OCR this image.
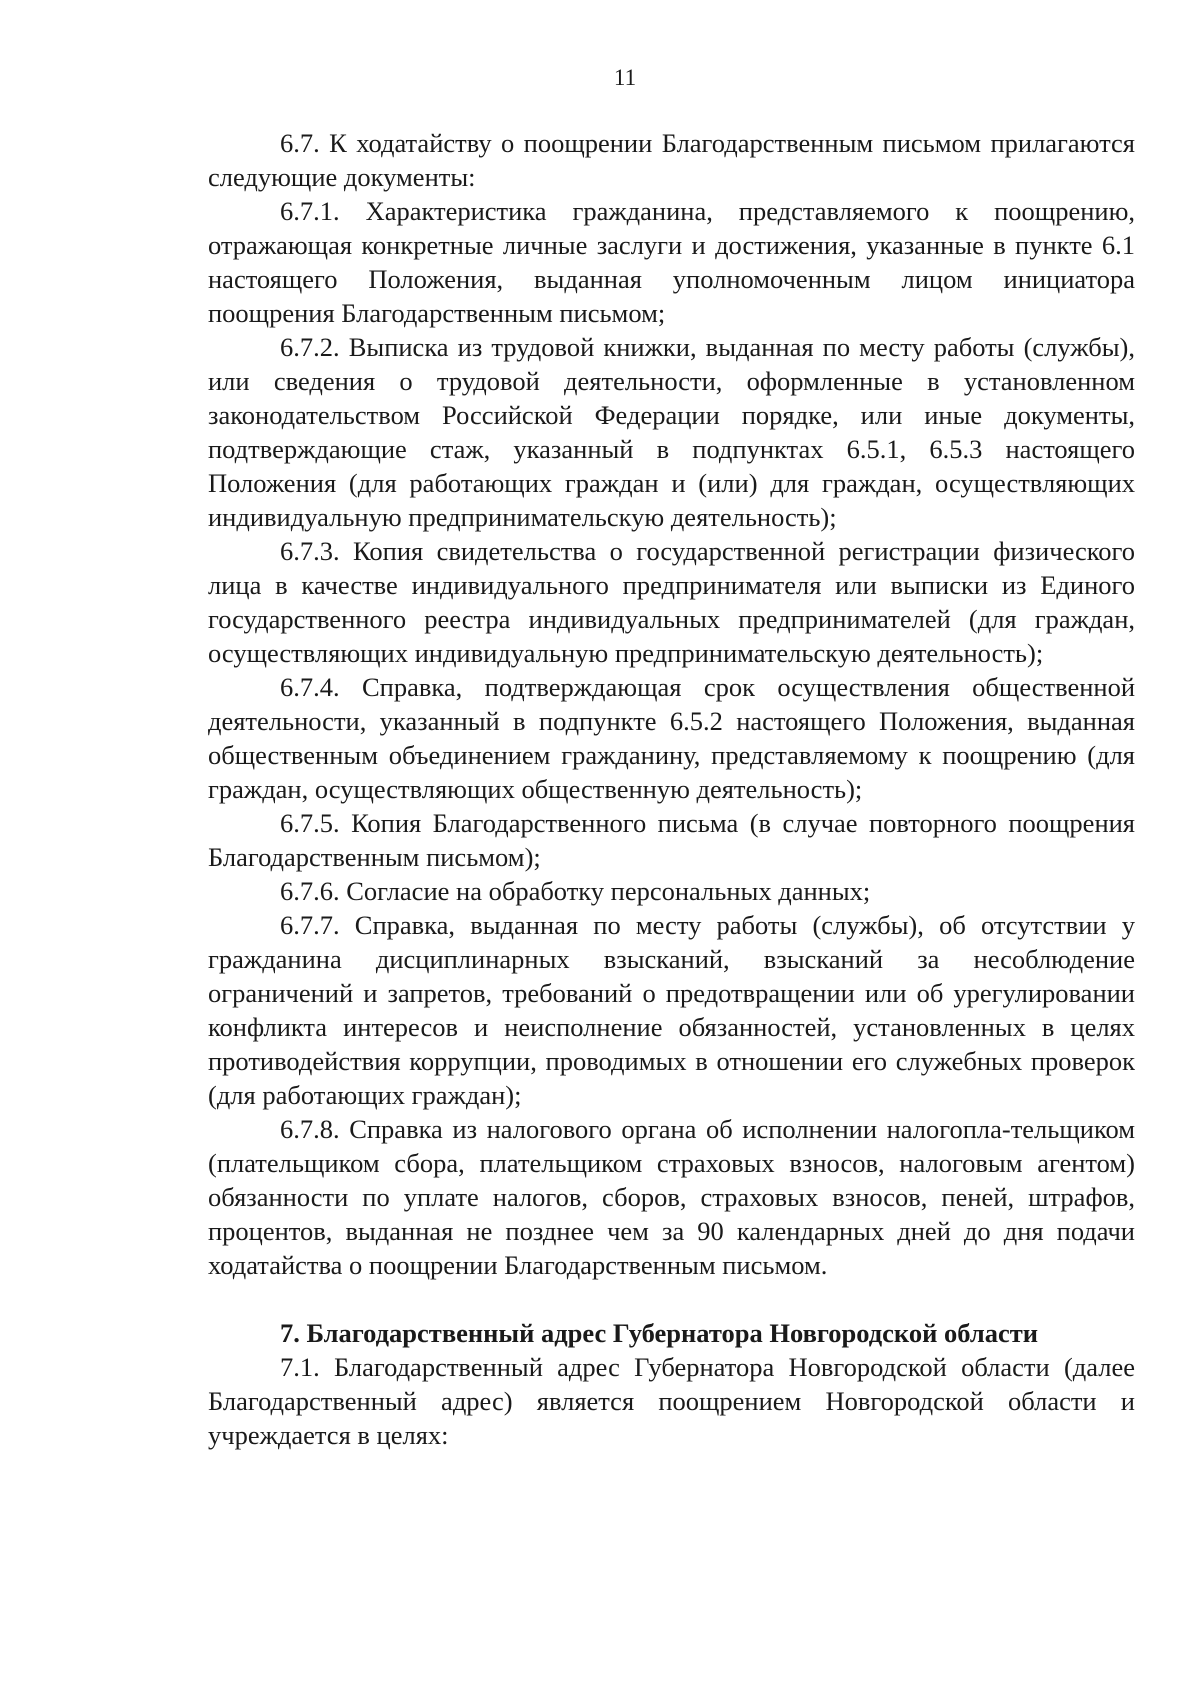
11

6.7. К ходатайству о поощрении Благодарственным письмом прилагаются следующие документы:

6.7.1. Характеристика гражданина, представляемого к поощрению, отражающая конкретные личные заслуги и достижения, указанные в пункте 6.1 настоящего Положения, выданная уполномоченным лицом инициатора поощрения Благодарственным письмом;

6.7.2. Выписка из трудовой книжки, выданная по месту работы (службы), или сведения о трудовой деятельности, оформленные в установленном законодательством Российской Федерации порядке, или иные документы, подтверждающие стаж, указанный в подпунктах 6.5.1, 6.5.3 настоящего Положения (для работающих граждан и (или) для граждан, осуществляющих индивидуальную предпринимательскую деятельность);

6.7.3. Копия свидетельства о государственной регистрации физического лица в качестве индивидуального предпринимателя или выписки из Единого государственного реестра индивидуальных предпринимателей (для граждан, осуществляющих индивидуальную предпринимательскую деятельность);

6.7.4. Справка, подтверждающая срок осуществления общественной деятельности, указанный в подпункте 6.5.2 настоящего Положения, выданная общественным объединением гражданину, представляемому к поощрению (для граждан, осуществляющих общественную деятельность);

6.7.5. Копия Благодарственного письма (в случае повторного поощрения Благодарственным письмом);

6.7.6. Согласие на обработку персональных данных;

6.7.7. Справка, выданная по месту работы (службы), об отсутствии у гражданина дисциплинарных взысканий, взысканий за несоблюдение ограничений и запретов, требований о предотвращении или об урегулировании конфликта интересов и неисполнение обязанностей, установленных в целях противодействия коррупции, проводимых в отношении его служебных проверок (для работающих граждан);

6.7.8. Справка из налогового органа об исполнении налогопла-тельщиком (плательщиком сбора, плательщиком страховых взносов, налоговым агентом) обязанности по уплате налогов, сборов, страховых взносов, пеней, штрафов, процентов, выданная не позднее чем за 90 календарных дней до дня подачи ходатайства о поощрении Благодарственным письмом.

7. Благодарственный адрес Губернатора Новгородской области

7.1. Благодарственный адрес Губернатора Новгородской области (далее Благодарственный адрес) является поощрением Новгородской области и учреждается в целях:
